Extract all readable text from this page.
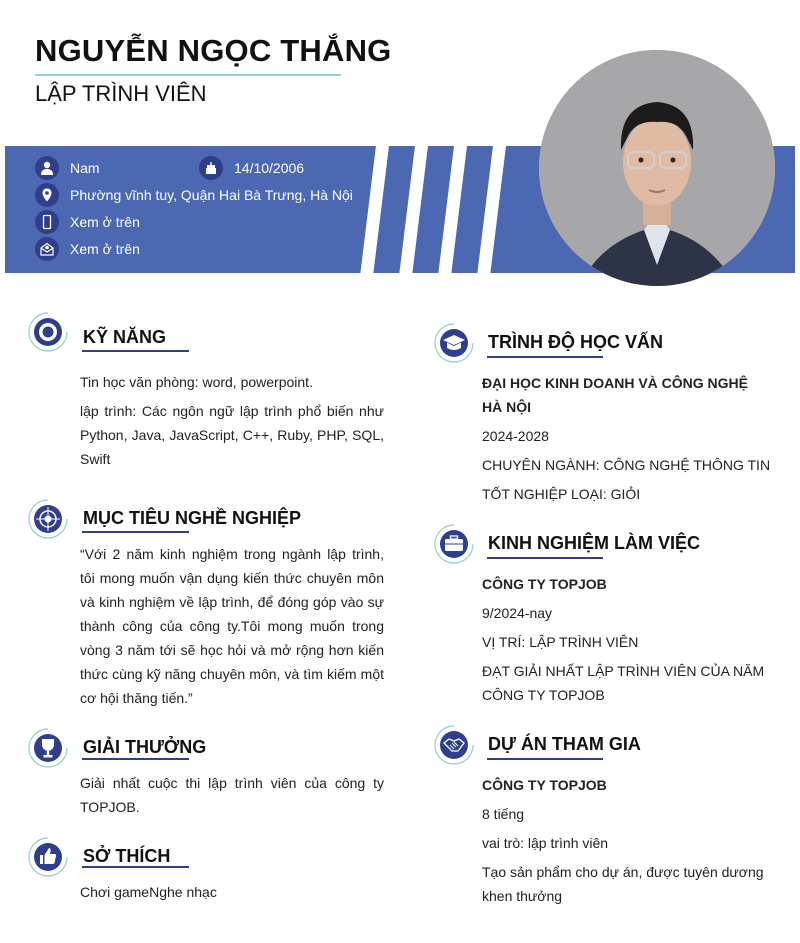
NGUYỄN NGỌC THẮNG
LẬP TRÌNH VIÊN
Nam	14/10/2006
Phường vĩnh tuy, Quận Hai Bà Trưng, Hà Nội
Xem ở trên
Xem ở trên
KỸ NĂNG
Tin học văn phòng: word, powerpoint.
lập trình: Các ngôn ngữ lập trình phổ biến như Python, Java, JavaScript, C++, Ruby, PHP, SQL, Swift
MỤC TIÊU NGHỀ NGHIỆP
“Với 2 năm kinh nghiệm trong ngành lập trình, tôi mong muốn vận dụng kiến thức chuyên môn và kinh nghiệm về lập trình, để đóng góp vào sự thành công của công ty.Tôi mong muốn trong vòng 3 năm tới sẽ học hỏi và mở rộng hơn kiến thức cùng kỹ năng chuyên môn, và tìm kiếm một cơ hội thăng tiến.”
GIẢI THƯỞNG
Giải nhất cuộc thi lập trình viên của công ty TOPJOB.
SỞ THÍCH
Chơi gameNghe nhạc
TRÌNH ĐỘ HỌC VẤN
ĐẠI HỌC KINH DOANH VÀ CÔNG NGHỆ HÀ NỘI
2024-2028
CHUYÊN NGÀNH: CÔNG NGHỆ THÔNG TIN
TỐT NGHIỆP LOẠI: GIỎI
KINH NGHIỆM LÀM VIỆC
CÔNG TY TOPJOB
9/2024-nay
VỊ TRÍ: LẬP TRÌNH VIÊN
ĐẠT GIẢI NHẤT LẬP TRÌNH VIÊN CỦA NĂM CÔNG TY TOPJOB
DỰ ÁN THAM GIA
CÔNG TY TOPJOB
8 tiếng
vai trò: lập trình viên
Tạo sản phẩm cho dự án, được tuyên dương khen thưởng
